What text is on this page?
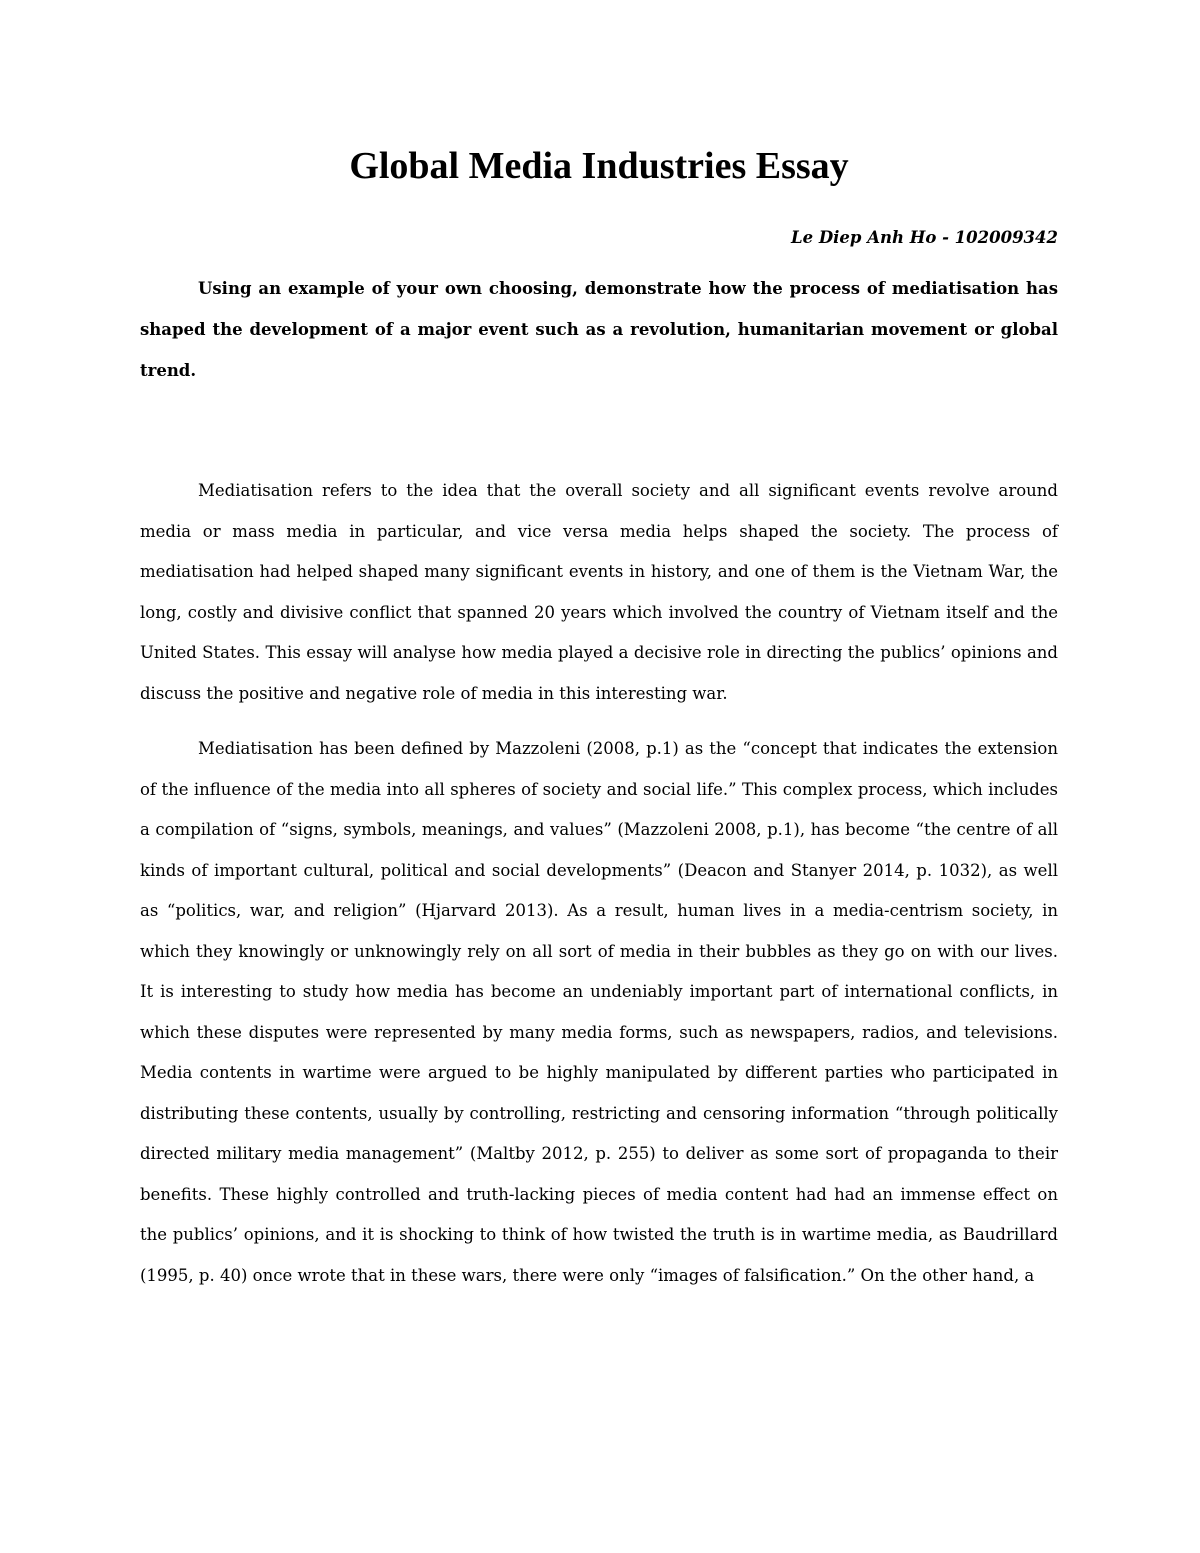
Global Media Industries Essay

Le Diep Anh Ho - 102009342

Using an example of your own choosing, demonstrate how the process of mediatisation has shaped the development of a major event such as a revolution, humanitarian movement or global trend.

Mediatisation refers to the idea that the overall society and all significant events revolve around media or mass media in particular, and vice versa media helps shaped the society. The process of mediatisation had helped shaped many significant events in history, and one of them is the Vietnam War, the long, costly and divisive conflict that spanned 20 years which involved the country of Vietnam itself and the United States. This essay will analyse how media played a decisive role in directing the publics’ opinions and discuss the positive and negative role of media in this interesting war.

Mediatisation has been defined by Mazzoleni (2008, p.1) as the “concept that indicates the extension of the influence of the media into all spheres of society and social life.” This complex process, which includes a compilation of “signs, symbols, meanings, and values” (Mazzoleni 2008, p.1), has become “the centre of all kinds of important cultural, political and social developments” (Deacon and Stanyer 2014, p. 1032), as well as “politics, war, and religion” (Hjarvard 2013). As a result, human lives in a media-centrism society, in which they knowingly or unknowingly rely on all sort of media in their bubbles as they go on with our lives. It is interesting to study how media has become an undeniably important part of international conflicts, in which these disputes were represented by many media forms, such as newspapers, radios, and televisions. Media contents in wartime were argued to be highly manipulated by different parties who participated in distributing these contents, usually by controlling, restricting and censoring information “through politically directed military media management” (Maltby 2012, p. 255) to deliver as some sort of propaganda to their benefits. These highly controlled and truth-lacking pieces of media content had had an immense effect on the publics’ opinions, and it is shocking to think of how twisted the truth is in wartime media, as Baudrillard (1995, p. 40) once wrote that in these wars, there were only “images of falsification.” On the other hand, a
